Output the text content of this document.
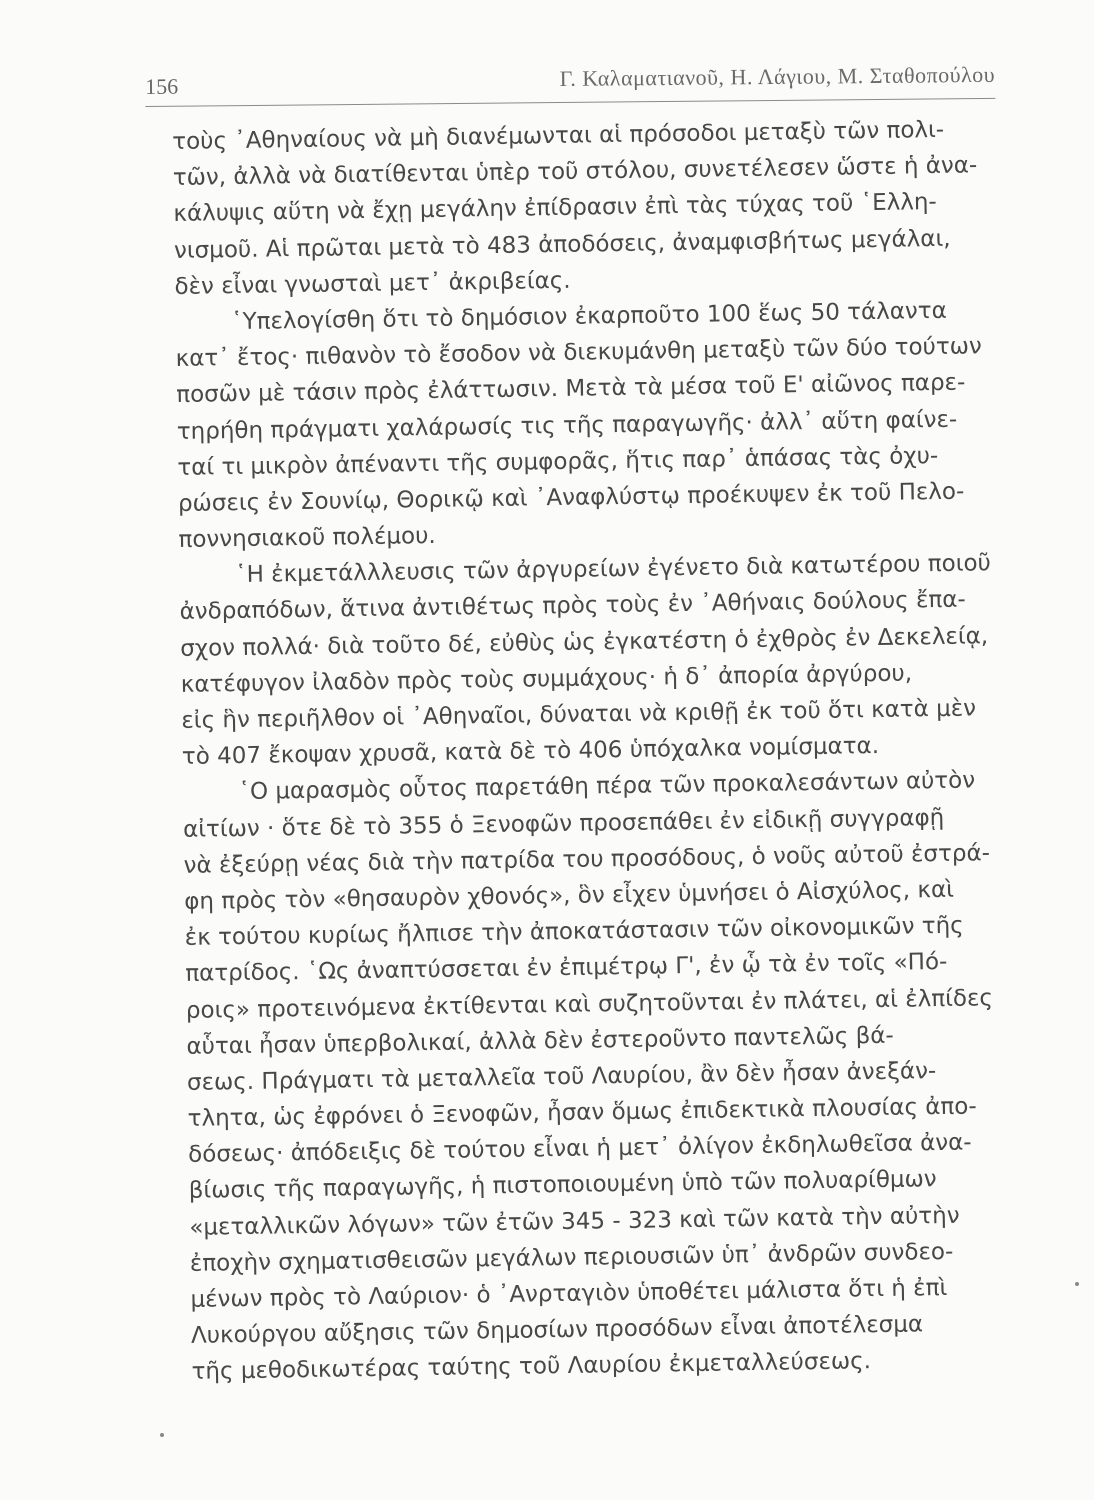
156	Γ. Καλαματιανοῦ, Η. Λάγιου, Μ. Σταθοπούλου
τοὺς ᾿Αθηναίους νὰ μὴ διανέμωνται αἱ πρόσοδοι μεταξὺ τῶν πολι-
τῶν, ἀλλὰ νὰ διατίθενται ὑπὲρ τοῦ στόλου, συνετέλεσεν ὥστε ἡ ἀνα-
κάλυψις αὕτη νὰ ἔχῃ μεγάλην ἐπίδρασιν ἐπὶ τὰς τύχας τοῦ ῾Ελλη-
νισμοῦ. Αἱ πρῶται μετὰ τὸ 483 ἀποδόσεις, ἀναμφισβήτως μεγάλαι,
δὲν εἶναι γνωσταὶ μετ᾿ ἀκριβείας.
῾Υπελογίσθη ὅτι τὸ δημόσιον ἐκαρποῦτο 100 ἕως 50 τάλαντα
κατ᾿ ἔτος· πιθανὸν τὸ ἔσοδον νὰ διεκυμάνθη μεταξὺ τῶν δύο τούτων
ποσῶν μὲ τάσιν πρὸς ἐλάττωσιν. Μετὰ τὰ μέσα τοῦ Ε' αἰῶνος παρε-
τηρήθη πράγματι χαλάρωσίς τις τῆς παραγωγῆς· ἀλλ᾿ αὕτη φαίνε-
ταί τι μικρὸν ἀπέναντι τῆς συμφορᾶς, ἥτις παρ᾿ ἁπάσας τὰς ὀχυ-
ρώσεις ἐν Σουνίῳ, Θορικῷ καὶ ᾿Αναφλύστῳ προέκυψεν ἐκ τοῦ Πελο-
ποννησιακοῦ πολέμου.
῾Η ἐκμετάλλλευσις τῶν ἀργυρείων ἐγένετο διὰ κατωτέρου ποιοῦ
ἀνδραπόδων, ἅτινα ἀντιθέτως πρὸς τοὺς ἐν ᾿Αθήναις δούλους ἔπα-
σχον πολλά· διὰ τοῦτο δέ, εὐθὺς ὡς ἐγκατέστη ὁ ἐχθρὸς ἐν Δεκελείᾳ,
κατέφυγον ἰλαδὸν πρὸς τοὺς συμμάχους· ἡ δ᾿ ἀπορία ἀργύρου,
εἰς ἣν περιῆλθον οἱ ᾿Αθηναῖοι, δύναται νὰ κριθῇ ἐκ τοῦ ὅτι κατὰ μὲν
τὸ 407 ἔκοψαν χρυσᾶ, κατὰ δὲ τὸ 406 ὑπόχαλκα νομίσματα.
῾Ο μαρασμὸς οὗτος παρετάθη πέρα τῶν προκαλεσάντων αὐτὸν
αἰτίων · ὅτε δὲ τὸ 355 ὁ Ξενοφῶν προσεπάθει ἐν εἰδικῇ συγγραφῇ
νὰ ἐξεύρῃ νέας διὰ τὴν πατρίδα του προσόδους, ὁ νοῦς αὐτοῦ ἐστρά-
φη πρὸς τὸν «θησαυρὸν χθονός», ὃν εἶχεν ὑμνήσει ὁ Αἰσχύλος, καὶ
ἐκ τούτου κυρίως ἤλπισε τὴν ἀποκατάστασιν τῶν οἰκονομικῶν τῆς
πατρίδος. ῾Ως ἀναπτύσσεται ἐν ἐπιμέτρῳ Γ', ἐν ᾧ τὰ ἐν τοῖς «Πό-
ροις» προτεινόμενα ἐκτίθενται καὶ συζητοῦνται ἐν πλάτει, αἱ ἐλπίδες
αὗται ἦσαν ὑπερβολικαί, ἀλλὰ δὲν ἐστεροῦντο παντελῶς βά-
σεως. Πράγματι τὰ μεταλλεῖα τοῦ Λαυρίου, ἂν δὲν ἦσαν ἀνεξάν-
τλητα, ὡς ἐφρόνει ὁ Ξενοφῶν, ἦσαν ὅμως ἐπιδεκτικὰ πλουσίας ἀπο-
δόσεως· ἀπόδειξις δὲ τούτου εἶναι ἡ μετ᾿ ὀλίγον ἐκδηλωθεῖσα ἀνα-
βίωσις τῆς παραγωγῆς, ἡ πιστοποιουμένη ὑπὸ τῶν πολυαρίθμων
«μεταλλικῶν λόγων» τῶν ἐτῶν 345 - 323 καὶ τῶν κατὰ τὴν αὐτὴν
ἐποχὴν σχηματισθεισῶν μεγάλων περιουσιῶν ὑπ᾿ ἀνδρῶν συνδεο-
μένων πρὸς τὸ Λαύριον· ὁ ᾿Ανρταγιὸν ὑποθέτει μάλιστα ὅτι ἡ ἐπὶ
Λυκούργου αὔξησις τῶν δημοσίων προσόδων εἶναι ἀποτέλεσμα
τῆς μεθοδικωτέρας ταύτης τοῦ Λαυρίου ἐκμεταλλεύσεως.
